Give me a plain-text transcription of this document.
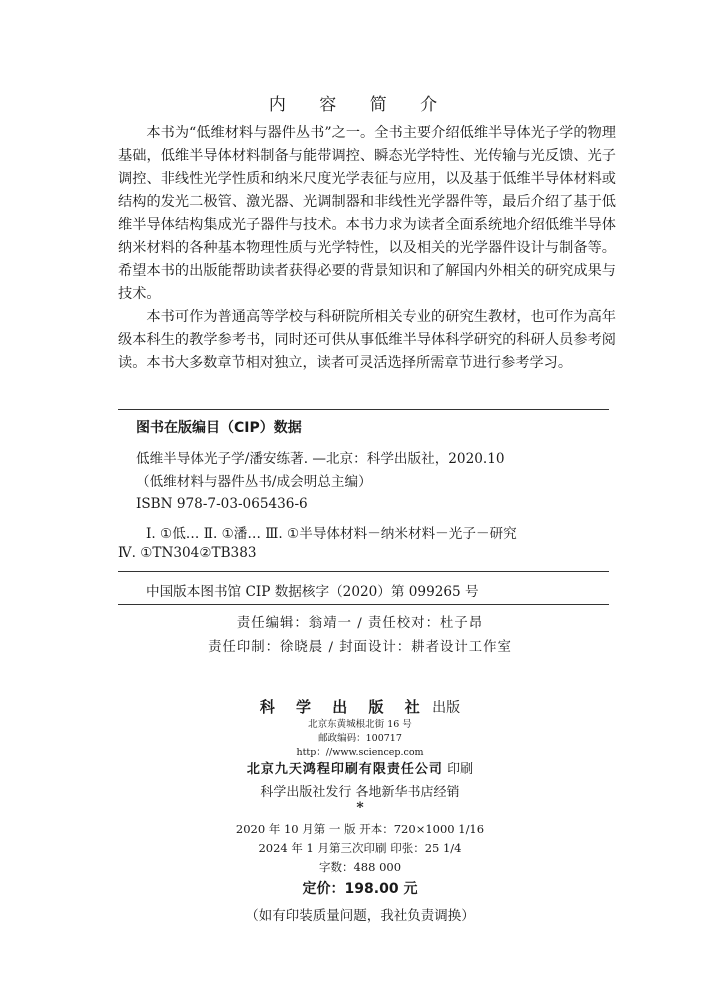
内 容 简 介

本书为“低维材料与器件丛书”之一。全书主要介绍低维半导体光子学的物理基础，低维半导体材料制备与能带调控、瞬态光学特性、光传输与光反馈、光子调控、非线性光学性质和纳米尺度光学表征与应用，以及基于低维半导体材料或结构的发光二极管、激光器、光调制器和非线性光学器件等，最后介绍了基于低维半导体结构集成光子器件与技术。本书力求为读者全面系统地介绍低维半导体纳米材料的各种基本物理性质与光学特性，以及相关的光学器件设计与制备等。希望本书的出版能帮助读者获得必要的背景知识和了解国内外相关的研究成果与技术。

本书可作为普通高等学校与科研院所相关专业的研究生教材，也可作为高年级本科生的教学参考书，同时还可供从事低维半导体科学研究的科研人员参考阅读。本书大多数章节相对独立，读者可灵活选择所需章节进行参考学习。

图书在版编目（CIP）数据
低维半导体光子学/潘安练著. —北京：科学出版社，2020.10
（低维材料与器件丛书/成会明总主编）
ISBN 978-7-03-065436-6
Ⅰ. ①低… Ⅱ. ①潘… Ⅲ. ①半导体材料－纳米材料－光子－研究
Ⅳ. ①TN304②TB383
中国版本图书馆 CIP 数据核字（2020）第 099265 号
责任编辑：翁靖一 / 责任校对：杜子昂
责任印制：徐晓晨 / 封面设计：耕者设计工作室
科 学 出 版 社 出版
北京东黄城根北街 16 号
邮政编码：100717
http：//www.sciencep.com
北京九天鸿程印刷有限责任公司 印刷
科学出版社发行 各地新华书店经销
*
2020 年 10 月第 一 版 开本：720×1000 1/16
2024 年 1 月第三次印刷 印张：25 1/4
字数：488 000
定价：198.00 元
（如有印装质量问题，我社负责调换）
